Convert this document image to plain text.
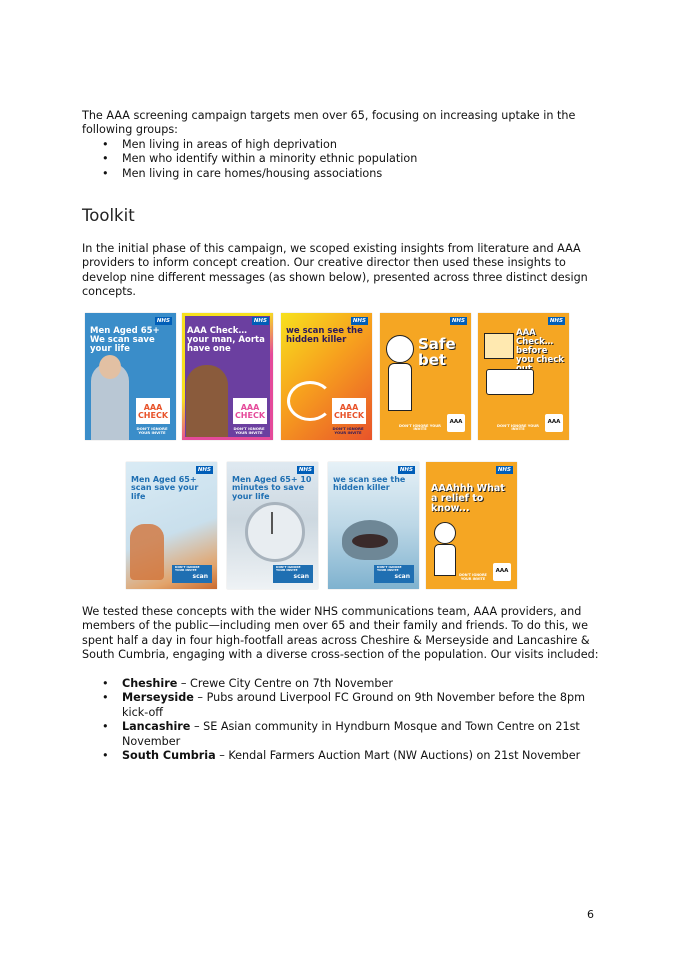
The AAA screening campaign targets men over 65, focusing on increasing uptake in the following groups:
• Men living in areas of high deprivation
• Men who identify within a minority ethnic population
• Men living in care homes/housing associations
Toolkit
In the initial phase of this campaign, we scoped existing insights from literature and AAA providers to inform concept creation. Our creative director then used these insights to develop nine different messages (as shown below), presented across three distinct design concepts.
NHS
Men Aged 65+ We scan save your life
AAA CHECK
DON'T IGNORE YOUR INVITE
NHS
AAA Check… your man, Aorta have one
AAA CHECK
DON'T IGNORE YOUR INVITE
NHS
we scan see the hidden killer
AAA CHECK
DON'T IGNORE YOUR INVITE
NHS
Safe bet
AAA
DON'T IGNORE YOUR INVITE
NHS
AAA Check… before you check
AAA
DON'T IGNORE YOUR INVITE
NHS
Men Aged 65+ scan save your life
scan
DON'T IGNORE YOUR INVITE
NHS
Men Aged 65+ 10 minutes to save your life
scan
DON'T IGNORE YOUR INVITE
NHS
we scan see the hidden killer
scan
DON'T IGNORE YOUR INVITE
NHS
AAAhhh What a relief to know...
AAA
DON'T IGNORE YOUR INVITE
We tested these concepts with the wider NHS communications team, AAA providers, and members of the public—including men over 65 and their family and friends. To do this, we spent half a day in four high-footfall areas across Cheshire & Merseyside and Lancashire & South Cumbria, engaging with a diverse cross-section of the population. Our visits included:
• Cheshire – Crewe City Centre on 7th November
• Merseyside – Pubs around Liverpool FC Ground on 9th November before the 8pm kick-off
• Lancashire – SE Asian community in Hyndburn Mosque and Town Centre on 21st November
• South Cumbria – Kendal Farmers Auction Mart (NW Auctions) on 21st November
6
